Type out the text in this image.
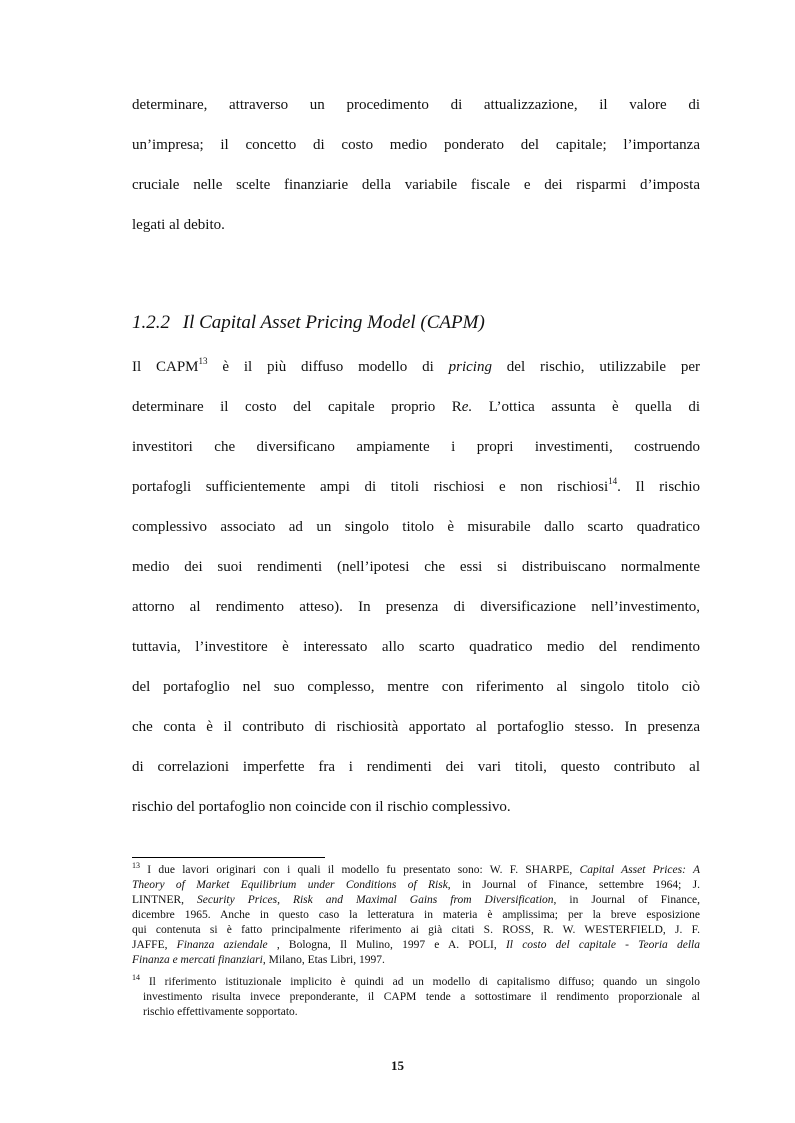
determinare, attraverso un procedimento di attualizzazione, il valore di
un’impresa; il concetto di costo medio ponderato del capitale; l’importanza
cruciale nelle scelte finanziarie della variabile fiscale e dei risparmi d’imposta
legati al debito.
1.2.2 Il Capital Asset Pricing Model (CAPM)
Il CAPM$^{13}$ è il più diffuso modello di pricing del rischio, utilizzabile per
determinare il costo del capitale proprio Re. L’ottica assunta è quella di
investitori che diversificano ampiamente i propri investimenti, costruendo
portafogli sufficientemente ampi di titoli rischiosi e non rischiosi$^{14}$. Il rischio
complessivo associato ad un singolo titolo è misurabile dallo scarto quadratico
medio dei suoi rendimenti (nell’ipotesi che essi si distribuiscano normalmente
attorno al rendimento atteso). In presenza di diversificazione nell’investimento,
tuttavia, l’investitore è interessato allo scarto quadratico medio del rendimento
del portafoglio nel suo complesso, mentre con riferimento al singolo titolo ciò
che conta è il contributo di rischiosità apportato al portafoglio stesso. In presenza
di correlazioni imperfette fra i rendimenti dei vari titoli, questo contributo al
rischio del portafoglio non coincide con il rischio complessivo.
$^{13}$ I due lavori originari con i quali il modello fu presentato sono: W. F. SHARPE, Capital Asset Prices: A
Theory of Market Equilibrium under Conditions of Risk, in Journal of Finance, settembre 1964; J.
LINTNER, Security Prices, Risk and Maximal Gains from Diversification, in Journal of Finance,
dicembre 1965. Anche in questo caso la letteratura in materia è amplissima; per la breve esposizione
qui contenuta si è fatto principalmente riferimento ai già citati S. ROSS, R. W. WESTERFIELD, J. F.
JAFFE, Finanza aziendale , Bologna, Il Mulino, 1997 e A. POLI, Il costo del capitale - Teoria della
Finanza e mercati finanziari, Milano, Etas Libri, 1997.
$^{14}$ Il riferimento istituzionale implicito è quindi ad un modello di capitalismo diffuso; quando un singolo
investimento risulta invece preponderante, il CAPM tende a sottostimare il rendimento proporzionale al
rischio effettivamente sopportato.
15
